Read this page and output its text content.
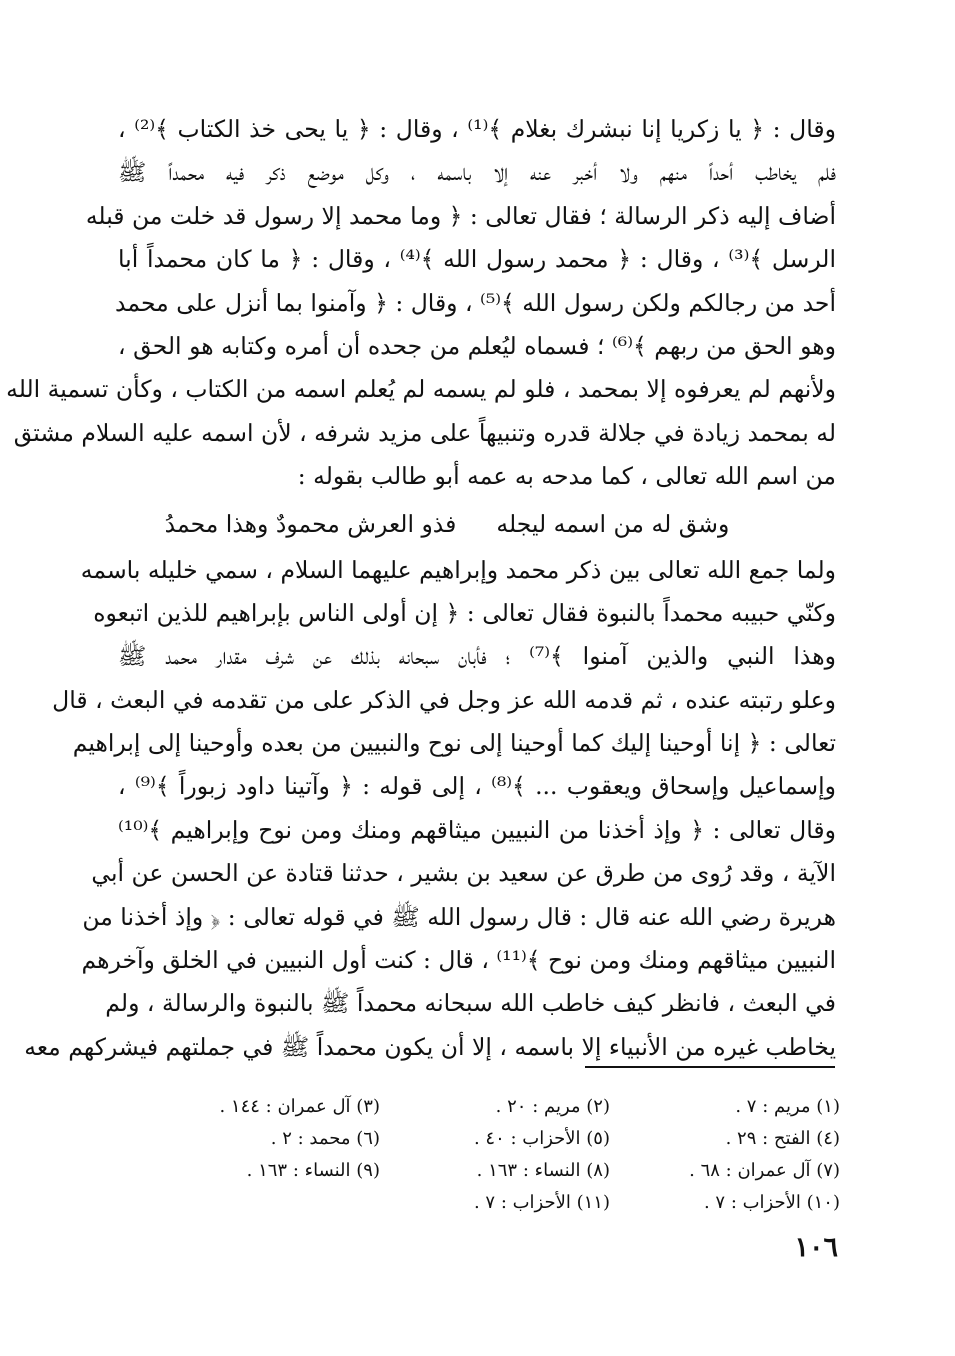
وقال : ﴿ يا زكريا إنا نبشرك بغلام ﴾⁽¹⁾ ، وقال : ﴿ يا يحى خذ الكتاب ﴾⁽²⁾ ،
فلم يخاطب أحداً منهم ولا أخبر عنه إلا باسمه ، وكل موضع ذكر فيه محمداً ﷺ
أضاف إليه ذكر الرسالة ؛ فقال تعالى : ﴿ وما محمد إلا رسول قد خلت من قبله
الرسل ﴾⁽³⁾ ، وقال : ﴿ محمد رسول الله ﴾⁽⁴⁾ ، وقال : ﴿ ما كان محمداً أبا
أحد من رجالكم ولكن رسول الله ﴾⁽⁵⁾ ، وقال : ﴿ وآمنوا بما أنزل على محمد
وهو الحق من ربهم ﴾⁽⁶⁾ ؛ فسماه ليُعلم من جحده أن أمره وكتابه هو الحق ،
ولأنهم لم يعرفوه إلا بمحمد ، فلو لم يسمه لم يُعلم اسمه من الكتاب ، وكأن تسمية الله
له بمحمد زيادة في جلالة قدره وتنبيهاً على مزيد شرفه ، لأن اسمه عليه السلام مشتق
من اسم الله تعالى ، كما مدحه به عمه أبو طالب بقوله :
وشق له من اسمه ليجله
فذو العرش محمودٌ وهذا محمدُ
ولما جمع الله تعالى بين ذكر محمد وإبراهيم عليهما السلام ، سمي خليله باسمه
وكنّي حبيبه محمداً بالنبوة فقال تعالى : ﴿ إن أولى الناس بإبراهيم للذين اتبعوه
وهذا النبي والذين آمنوا ﴾⁽⁷⁾ ؛ فأبان سبحانه بذلك عن شرف مقدار محمد ﷺ
وعلو رتبته عنده ، ثم قدمه الله عز وجل في الذكر على من تقدمه في البعث ، قال
تعالى : ﴿ إنا أوحينا إليك كما أوحينا إلى نوح والنبيين من بعده وأوحينا إلى إبراهيم
وإسماعيل وإسحاق ويعقوب ... ﴾⁽⁸⁾ ، إلى قوله : ﴿ وآتينا داود زبوراً ﴾⁽⁹⁾ ،
وقال تعالى : ﴿ وإذ أخذنا من النبيين ميثاقهم ومنك ومن نوح وإبراهيم ﴾⁽¹⁰⁾
الآية ، وقد رُوى من طرق عن سعيد بن بشير ، حدثنا قتادة عن الحسن عن أبي
هريرة رضي الله عنه قال : قال رسول الله ﷺ في قوله تعالى : ﴿ وإذ أخذنا من
النبيين ميثاقهم ومنك ومن نوح ﴾⁽¹¹⁾ ، قال : كنت أول النبيين في الخلق وآخرهم
في البعث ، فانظر كيف خاطب الله سبحانه محمداً ﷺ بالنبوة والرسالة ، ولم
يخاطب غيره من الأنبياء إلا باسمه ، إلا أن يكون محمداً ﷺ في جملتهم فيشركهم معه
(١) مريم : ٧ .
(٢) مريم : ٢٠ .
(٣) آل عمران : ١٤٤ .
(٤) الفتح : ٢٩ .
(٥) الأحزاب : ٤٠ .
(٦) محمد : ٢ .
(٧) آل عمران : ٦٨ .
(٨) النساء : ١٦٣ .
(٩) النساء : ١٦٣ .
(١٠) الأحزاب : ٧ .
(١١) الأحزاب : ٧ .
١٠٦
